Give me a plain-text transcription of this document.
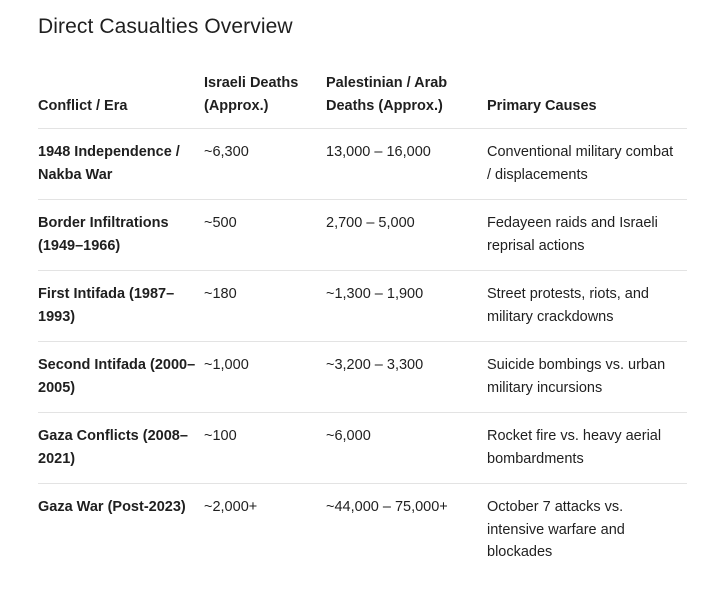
Direct Casualties Overview
Conflict / Era	Israeli Deaths (Approx.)	Palestinian / Arab Deaths (Approx.)	Primary Causes
1948 Independence / Nakba War	~6,300	13,000 – 16,000	Conventional military combat / displacements
Border Infiltrations (1949–1966)	~500	2,700 – 5,000	Fedayeen raids and Israeli reprisal actions
First Intifada (1987–1993)	~180	~1,300 – 1,900	Street protests, riots, and military crackdowns
Second Intifada (2000–2005)	~1,000	~3,200 – 3,300	Suicide bombings vs. urban military incursions
Gaza Conflicts (2008–2021)	~100	~6,000	Rocket fire vs. heavy aerial bombardments
Gaza War (Post-2023)	~2,000+	~44,000 – 75,000+	October 7 attacks vs. intensive warfare and blockades
